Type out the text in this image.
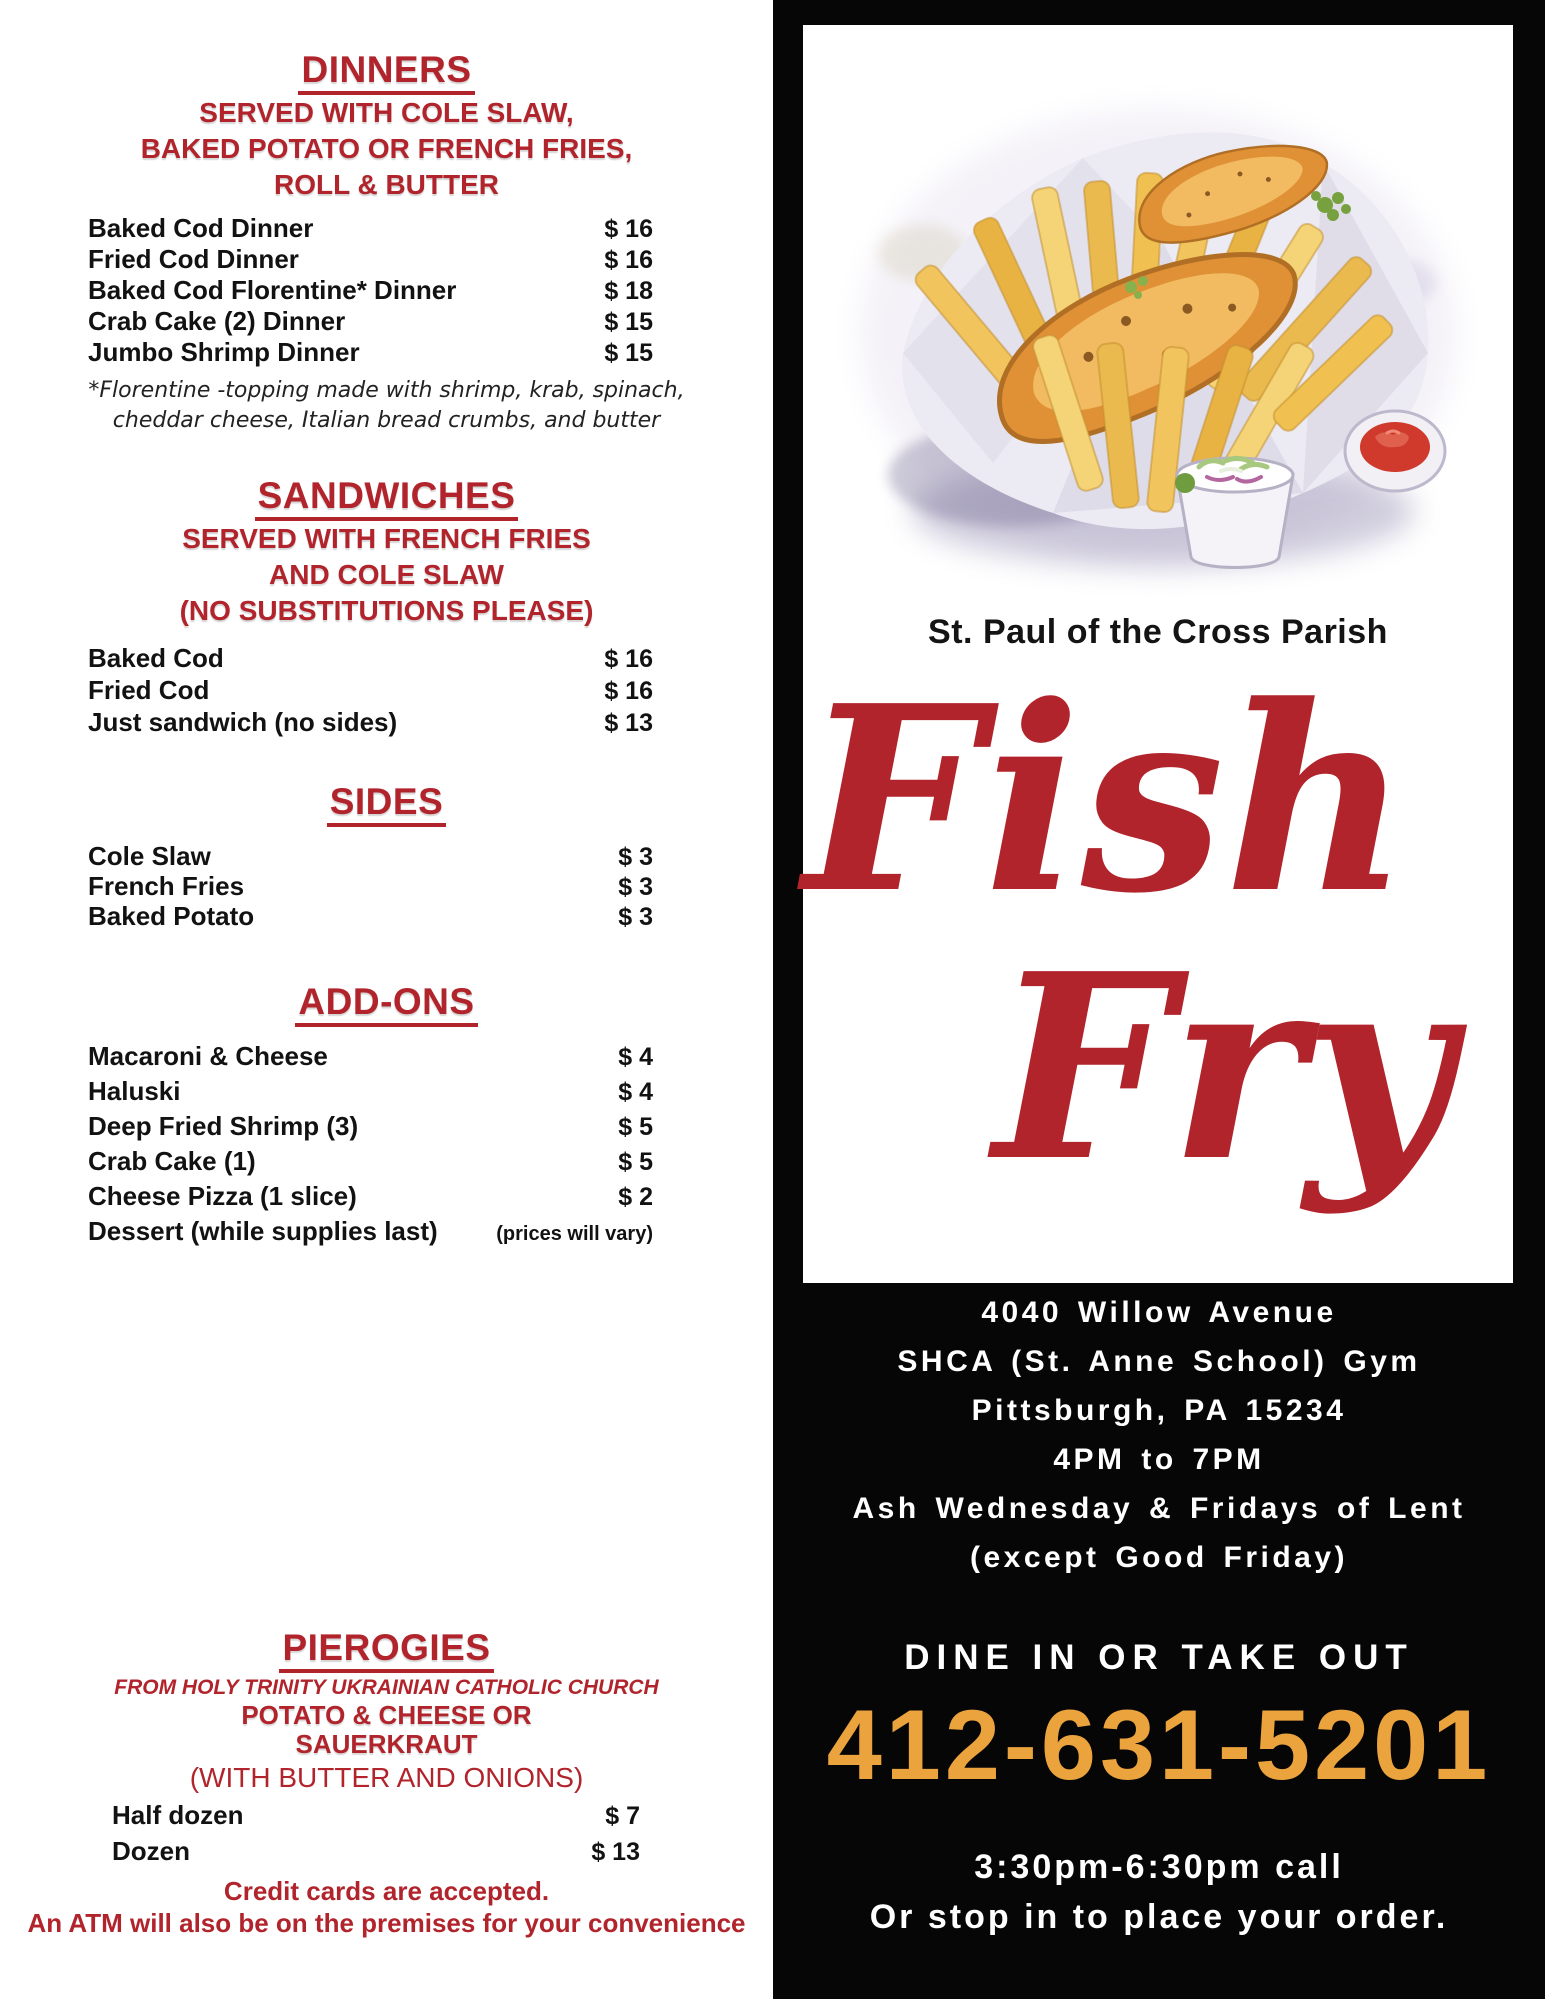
DINNERS

SERVED WITH COLE SLAW,

BAKED POTATO OR FRENCH FRIES,

ROLL & BUTTER

Baked Cod Dinner	$ 16
Fried Cod Dinner	$ 16
Baked Cod Florentine* Dinner	$ 18
Crab Cake (2) Dinner	$ 15
Jumbo Shrimp Dinner	$ 15

*Florentine -topping made with shrimp, krab, spinach,

cheddar cheese, Italian bread crumbs, and butter

SANDWICHES

SERVED WITH FRENCH FRIES

AND COLE SLAW

(NO SUBSTITUTIONS PLEASE)

Baked Cod	$ 16
Fried Cod	$ 16
Just sandwich (no sides)	$ 13
SIDES
Cole Slaw	$ 3
French Fries	$ 3
Baked Potato	$ 3
ADD-ONS
Macaroni & Cheese	$ 4
Haluski	$ 4
Deep Fried Shrimp (3)	$ 5
Crab Cake (1)	$ 5
Cheese Pizza (1 slice)	$ 2
Dessert (while supplies last)	(prices will vary)
PIEROGIES

FROM HOLY TRINITY UKRAINIAN CATHOLIC CHURCH

POTATO & CHEESE OR

SAUERKRAUT

(WITH BUTTER AND ONIONS)

Half dozen	$ 7
Dozen	$ 13

Credit cards are accepted.

An ATM will also be on the premises for your convenience

St. Paul of the Cross Parish
Fish
Fry

4040 Willow Avenue

SHCA (St. Anne School) Gym

Pittsburgh, PA 15234

4PM to 7PM

Ash Wednesday & Fridays of Lent

(except Good Friday)

DINE IN OR TAKE OUT

412-631-5201

3:30pm-6:30pm call

Or stop in to place your order.
